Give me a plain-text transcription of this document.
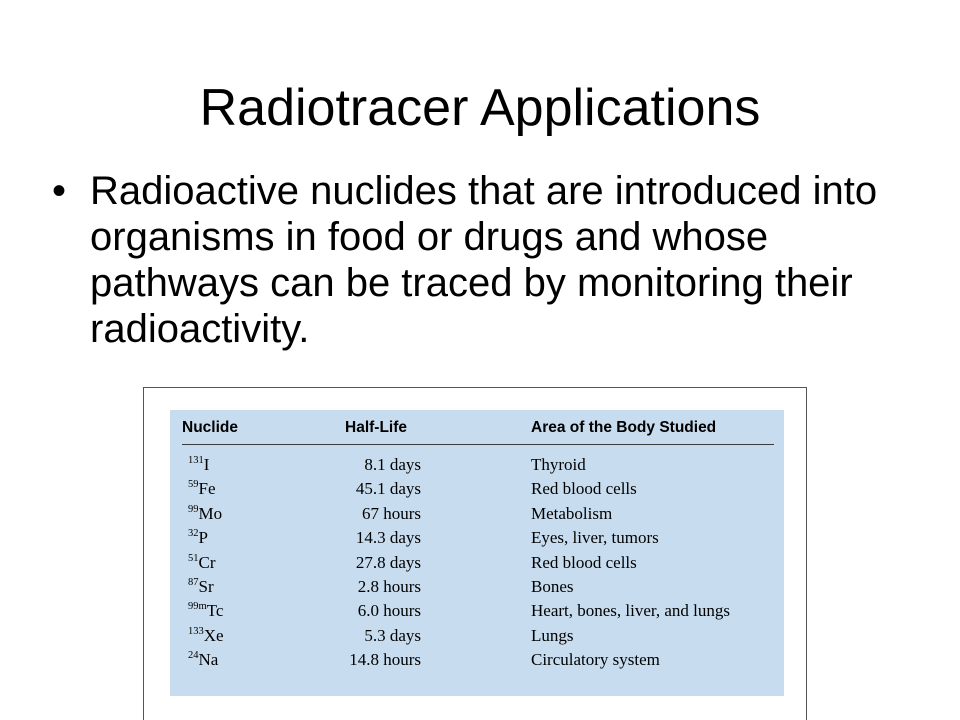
Radiotracer Applications
• Radioactive nuclides that are introduced into organisms in food or drugs and whose pathways can be traced by monitoring their radioactivity.

Nuclide	Half-Life	Area of the Body Studied
$^{131}$I	8.1 days	Thyroid
$^{59}$Fe	45.1 days	Red blood cells
$^{99}$Mo	67 hours	Metabolism
$^{32}$P	14.3 days	Eyes, liver, tumors
$^{51}$Cr	27.8 days	Red blood cells
$^{87}$Sr	2.8 hours	Bones
$^{99m}$Tc	6.0 hours	Heart, bones, liver, and lungs
$^{133}$Xe	5.3 days	Lungs
$^{24}$Na	14.8 hours	Circulatory system
